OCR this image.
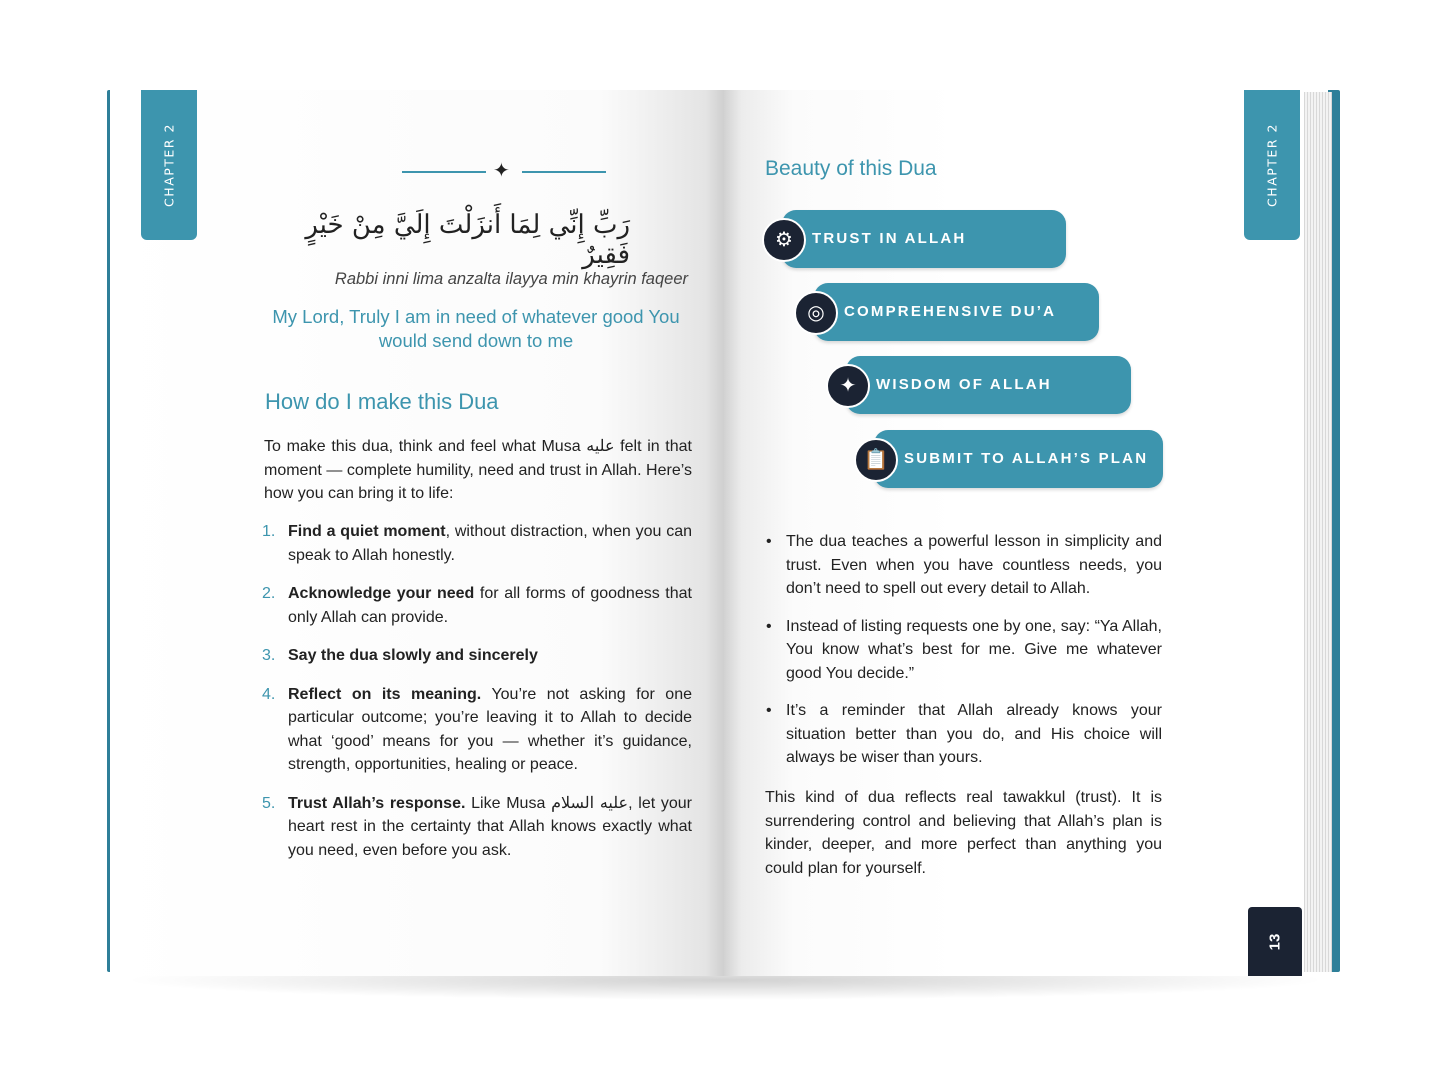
CHAPTER 2	✦
رَبِّ إِنِّي لِمَا أَنزَلْتَ إِلَيَّ مِنْ خَيْرٍ فَقِيرٌ
Rabbi inni lima anzalta ilayya min khayrin faqeer
My Lord, Truly I am in need of whatever good You would send down to me
How do I make this Dua
To make this dua, think and feel what Musa عليه felt in that moment — complete humility, need and trust in Allah. Here’s how you can bring it to life:
1. Find a quiet moment, without distraction, when you can speak to Allah honestly.
2. Acknowledge your need for all forms of goodness that only Allah can provide.
3. Say the dua slowly and sincerely
4. Reflect on its meaning. You’re not asking for one particular outcome; you’re leaving it to Allah to decide what ‘good’ means for you — whether it’s guidance, strength, opportunities, healing or peace.
5. Trust Allah’s response. Like Musa عليه السلام, let your heart rest in the certainty that Allah knows exactly what you need, even before you ask.
CHAPTER 2
Beauty of this Dua
⚙	TRUST IN ALLAH
◎	COMPREHENSIVE DU’A
✦	WISDOM OF ALLAH
📋	SUBMIT TO ALLAH’S PLAN
• The dua teaches a powerful lesson in simplicity and trust. Even when you have countless needs, you don’t need to spell out every detail to Allah.
• Instead of listing requests one by one, say: “Ya Allah, You know what’s best for me. Give me whatever good You decide.”
• It’s a reminder that Allah already knows your situation better than you do, and His choice will always be wiser than yours.
This kind of dua reflects real tawakkul (trust). It is surrendering control and believing that Allah’s plan is kinder, deeper, and more perfect than anything you could plan for yourself.
13
